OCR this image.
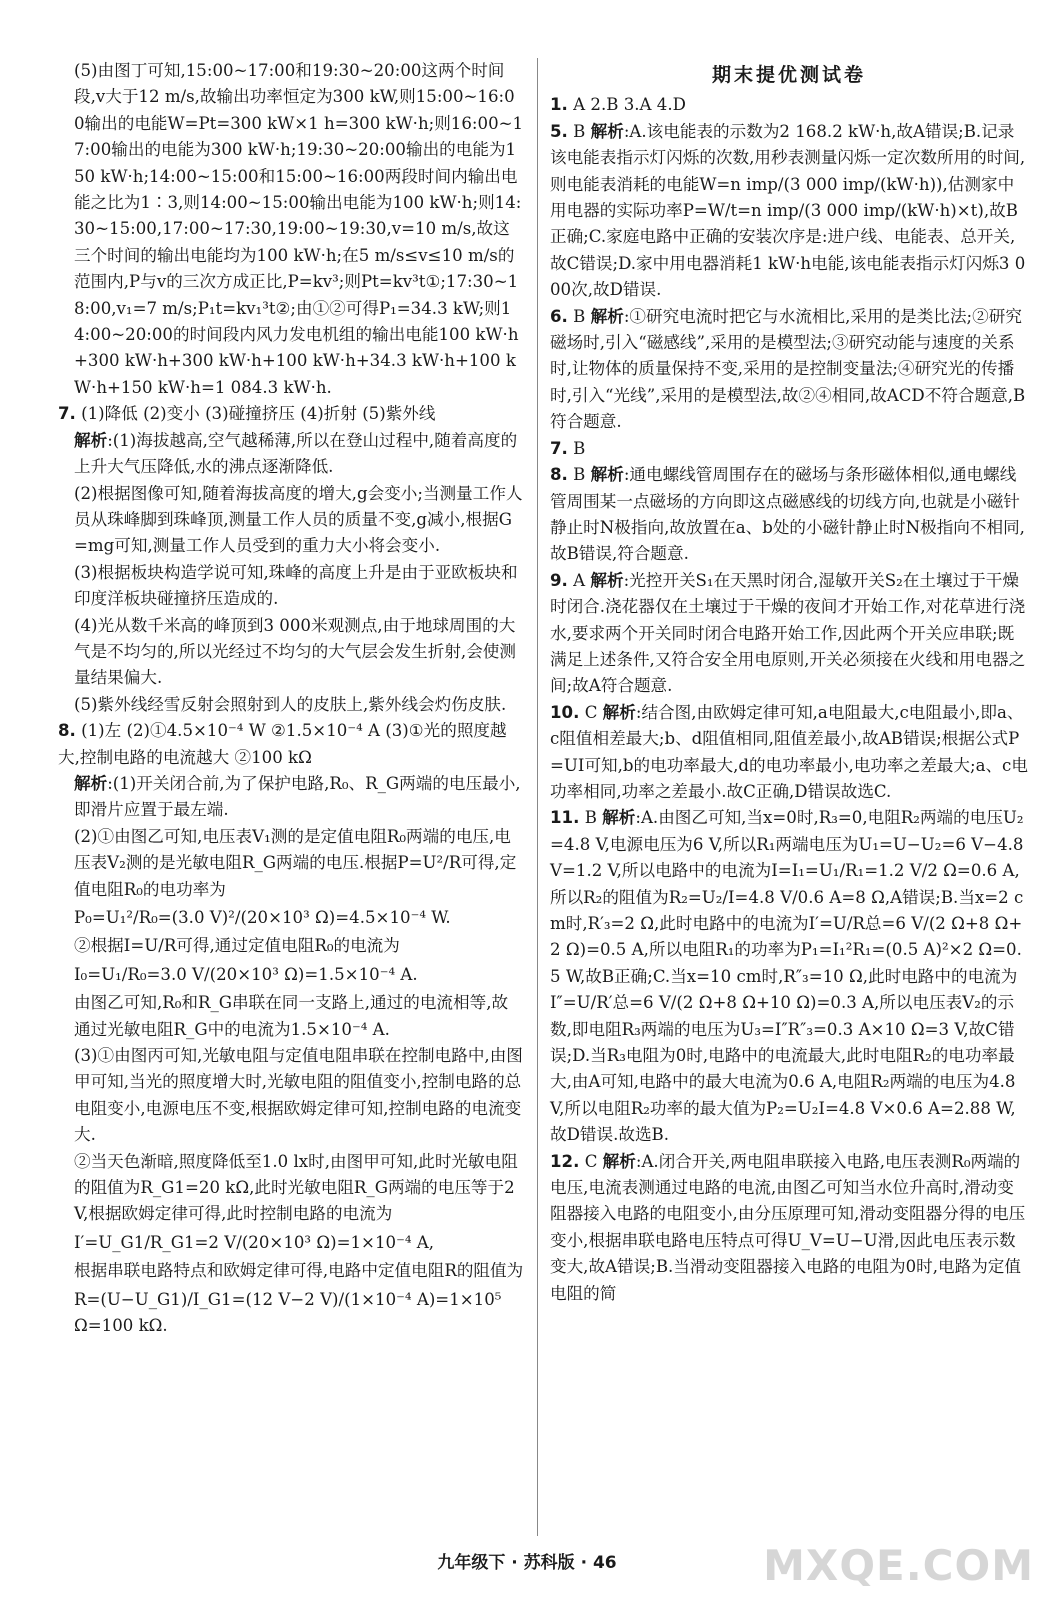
(5)由图丁可知,15:00~17:00和19:30~20:00这两个时间段,v大于12 m/s,故输出功率恒定为300 kW,则15:00~16:00输出的电能W=Pt=300 kW×1 h=300 kW·h;则16:00~17:00输出的电能为300 kW·h;19:30~20:00输出的电能为150 kW·h;14:00~15:00和15:00~16:00两段时间内输出电能之比为1∶3,则14:00~15:00输出电能为100 kW·h;则14:30~15:00,17:00~17:30,19:00~19:30,v=10 m/s,故这三个时间的输出电能均为100 kW·h;在5 m/s≤v≤10 m/s的范围内,P与v的三次方成正比,P=kv³;则Pt=kv³t①;17:30~18:00,v₁=7 m/s;P₁t=kv₁³t②;由①②可得P₁=34.3 kW;则14:00~20:00的时间段内风力发电机组的输出电能100 kW·h+300 kW·h+300 kW·h+100 kW·h+34.3 kW·h+100 kW·h+150 kW·h=1 084.3 kW·h.
7. (1)降低 (2)变小 (3)碰撞挤压 (4)折射 (5)紫外线
解析:(1)海拔越高,空气越稀薄,所以在登山过程中,随着高度的上升大气压降低,水的沸点逐渐降低.
(2)根据图像可知,随着海拔高度的增大,g会变小;当测量工作人员从珠峰脚到珠峰顶,测量工作人员的质量不变,g减小,根据G=mg可知,测量工作人员受到的重力大小将会变小.
(3)根据板块构造学说可知,珠峰的高度上升是由于亚欧板块和印度洋板块碰撞挤压造成的.
(4)光从数千米高的峰顶到3 000米观测点,由于地球周围的大气是不均匀的,所以光经过不均匀的大气层会发生折射,会使测量结果偏大.
(5)紫外线经雪反射会照射到人的皮肤上,紫外线会灼伤皮肤.
8. (1)左 (2)①4.5×10⁻⁴ W ②1.5×10⁻⁴ A (3)①光的照度越大,控制电路的电流越大 ②100 kΩ
解析:(1)开关闭合前,为了保护电路,R₀、R_G两端的电压最小,即滑片应置于最左端.
(2)①由图乙可知,电压表V₁测的是定值电阻R₀两端的电压,电压表V₂测的是光敏电阻R_G两端的电压.根据P=U²/R可得,定值电阻R₀的电功率为
P₀=U₁²/R₀=(3.0 V)²/(20×10³ Ω)=4.5×10⁻⁴ W.
②根据I=U/R可得,通过定值电阻R₀的电流为
I₀=U₁/R₀=3.0 V/(20×10³ Ω)=1.5×10⁻⁴ A.
由图乙可知,R₀和R_G串联在同一支路上,通过的电流相等,故通过光敏电阻R_G中的电流为1.5×10⁻⁴ A.
(3)①由图丙可知,光敏电阻与定值电阻串联在控制电路中,由图甲可知,当光的照度增大时,光敏电阻的阻值变小,控制电路的总电阻变小,电源电压不变,根据欧姆定律可知,控制电路的电流变大.
②当天色渐暗,照度降低至1.0 lx时,由图甲可知,此时光敏电阻的阻值为R_G1=20 kΩ,此时光敏电阻R_G两端的电压等于2 V,根据欧姆定律可得,此时控制电路的电流为
I′=U_G1/R_G1=2 V/(20×10³ Ω)=1×10⁻⁴ A,
根据串联电路特点和欧姆定律可得,电路中定值电阻R的阻值为
R=(U−U_G1)/I_G1=(12 V−2 V)/(1×10⁻⁴ A)=1×10⁵ Ω=100 kΩ.
期末提优测试卷
1. A 2.B 3.A 4.D
5. B 解析:A.该电能表的示数为2 168.2 kW·h,故A错误;B.记录该电能表指示灯闪烁的次数,用秒表测量闪烁一定次数所用的时间,则电能表消耗的电能W=n imp/(3 000 imp/(kW·h)),估测家中用电器的实际功率P=W/t=n imp/(3 000 imp/(kW·h)×t),故B正确;C.家庭电路中正确的安装次序是:进户线、电能表、总开关,故C错误;D.家中用电器消耗1 kW·h电能,该电能表指示灯闪烁3 000次,故D错误.
6. B 解析:①研究电流时把它与水流相比,采用的是类比法;②研究磁场时,引入“磁感线”,采用的是模型法;③研究动能与速度的关系时,让物体的质量保持不变,采用的是控制变量法;④研究光的传播时,引入“光线”,采用的是模型法,故②④相同,故ACD不符合题意,B符合题意.
7. B
8. B 解析:通电螺线管周围存在的磁场与条形磁体相似,通电螺线管周围某一点磁场的方向即这点磁感线的切线方向,也就是小磁针静止时N极指向,故放置在a、b处的小磁针静止时N极指向不相同,故B错误,符合题意.
9. A 解析:光控开关S₁在天黑时闭合,湿敏开关S₂在土壤过于干燥时闭合.浇花器仅在土壤过于干燥的夜间才开始工作,对花草进行浇水,要求两个开关同时闭合电路开始工作,因此两个开关应串联;既满足上述条件,又符合安全用电原则,开关必须接在火线和用电器之间;故A符合题意.
10. C 解析:结合图,由欧姆定律可知,a电阻最大,c电阻最小,即a、c阻值相差最大;b、d阻值相同,阻值差最小,故AB错误;根据公式P=UI可知,b的电功率最大,d的电功率最小,电功率之差最大;a、c电功率相同,功率之差最小.故C正确,D错误故选C.
11. B 解析:A.由图乙可知,当x=0时,R₃=0,电阻R₂两端的电压U₂=4.8 V,电源电压为6 V,所以R₁两端电压为U₁=U−U₂=6 V−4.8 V=1.2 V,所以电路中的电流为I=I₁=U₁/R₁=1.2 V/2 Ω=0.6 A,所以R₂的阻值为R₂=U₂/I=4.8 V/0.6 A=8 Ω,A错误;B.当x=2 cm时,R′₃=2 Ω,此时电路中的电流为I′=U/R总=6 V/(2 Ω+8 Ω+2 Ω)=0.5 A,所以电阻R₁的功率为P₁=I₁²R₁=(0.5 A)²×2 Ω=0.5 W,故B正确;C.当x=10 cm时,R″₃=10 Ω,此时电路中的电流为I″=U/R′总=6 V/(2 Ω+8 Ω+10 Ω)=0.3 A,所以电压表V₂的示数,即电阻R₃两端的电压为U₃=I″R″₃=0.3 A×10 Ω=3 V,故C错误;D.当R₃电阻为0时,电路中的电流最大,此时电阻R₂的电功率最大,由A可知,电路中的最大电流为0.6 A,电阻R₂两端的电压为4.8 V,所以电阻R₂功率的最大值为P₂=U₂I=4.8 V×0.6 A=2.88 W,故D错误.故选B.
12. C 解析:A.闭合开关,两电阻串联接入电路,电压表测R₀两端的电压,电流表测通过电路的电流,由图乙可知当水位升高时,滑动变阻器接入电路的电阻变小,由分压原理可知,滑动变阻器分得的电压变小,根据串联电路电压特点可得U_V=U−U滑,因此电压表示数变大,故A错误;B.当滑动变阻器接入电路的电阻为0时,电路为定值电阻的简
九年级下 · 苏科版 · 46	MXQE.COM
